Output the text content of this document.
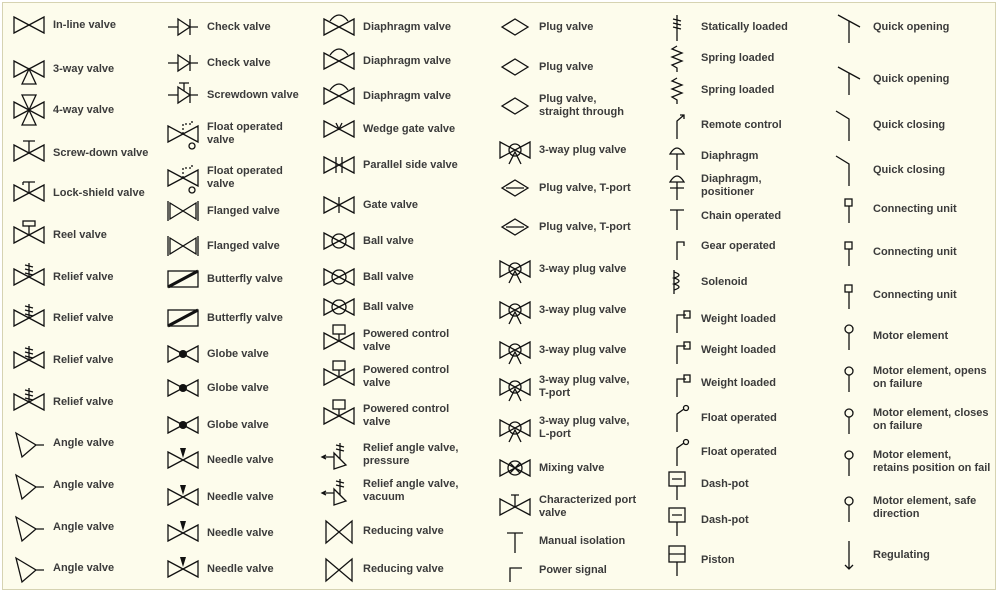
In-line valve
3-way valve
4-way valve
Screw-down valve
Lock-shield valve
Reel valve
Relief valve
Relief valve
Relief valve
Relief valve
Angle valve
Angle valve
Angle valve
Angle valve
Check valve
Check valve
Screwdown valve
Float operated
valve
Float operated
valve
Flanged valve
Flanged valve
Butterfly valve
Butterfly valve
Globe valve
Globe valve
Globe valve
Needle valve
Needle valve
Needle valve
Needle valve
Diaphragm valve
Diaphragm valve
Diaphragm valve
Wedge gate valve
Parallel side valve
Gate valve
Ball valve
Ball valve
Ball valve
Powered control
valve
Powered control
valve
Powered control
valve
Relief angle valve,
pressure
Relief angle valve,
vacuum
Reducing valve
Reducing valve
Plug valve
Plug valve
Plug valve,
straight through
3-way plug valve
Plug valve, T-port
Plug valve, T-port
3-way plug valve
3-way plug valve
3-way plug valve
3-way plug valve,
T-port
3-way plug valve,
L-port
Mixing valve
Characterized port
valve
Manual isolation
Power signal
Statically loaded
Spring loaded
Spring loaded
Remote control
Diaphragm
Diaphragm,
positioner
Chain operated
Gear operated
Solenoid
Weight loaded
Weight loaded
Weight loaded
Float operated
Float operated
Dash-pot
Dash-pot
Piston
Quick opening
Quick opening
Quick closing
Quick closing
Connecting unit
Connecting unit
Connecting unit
Motor element
Motor element, opens
on failure
Motor element, closes
on failure
Motor element,
retains position on fail
Motor element, safe
direction
Regulating
